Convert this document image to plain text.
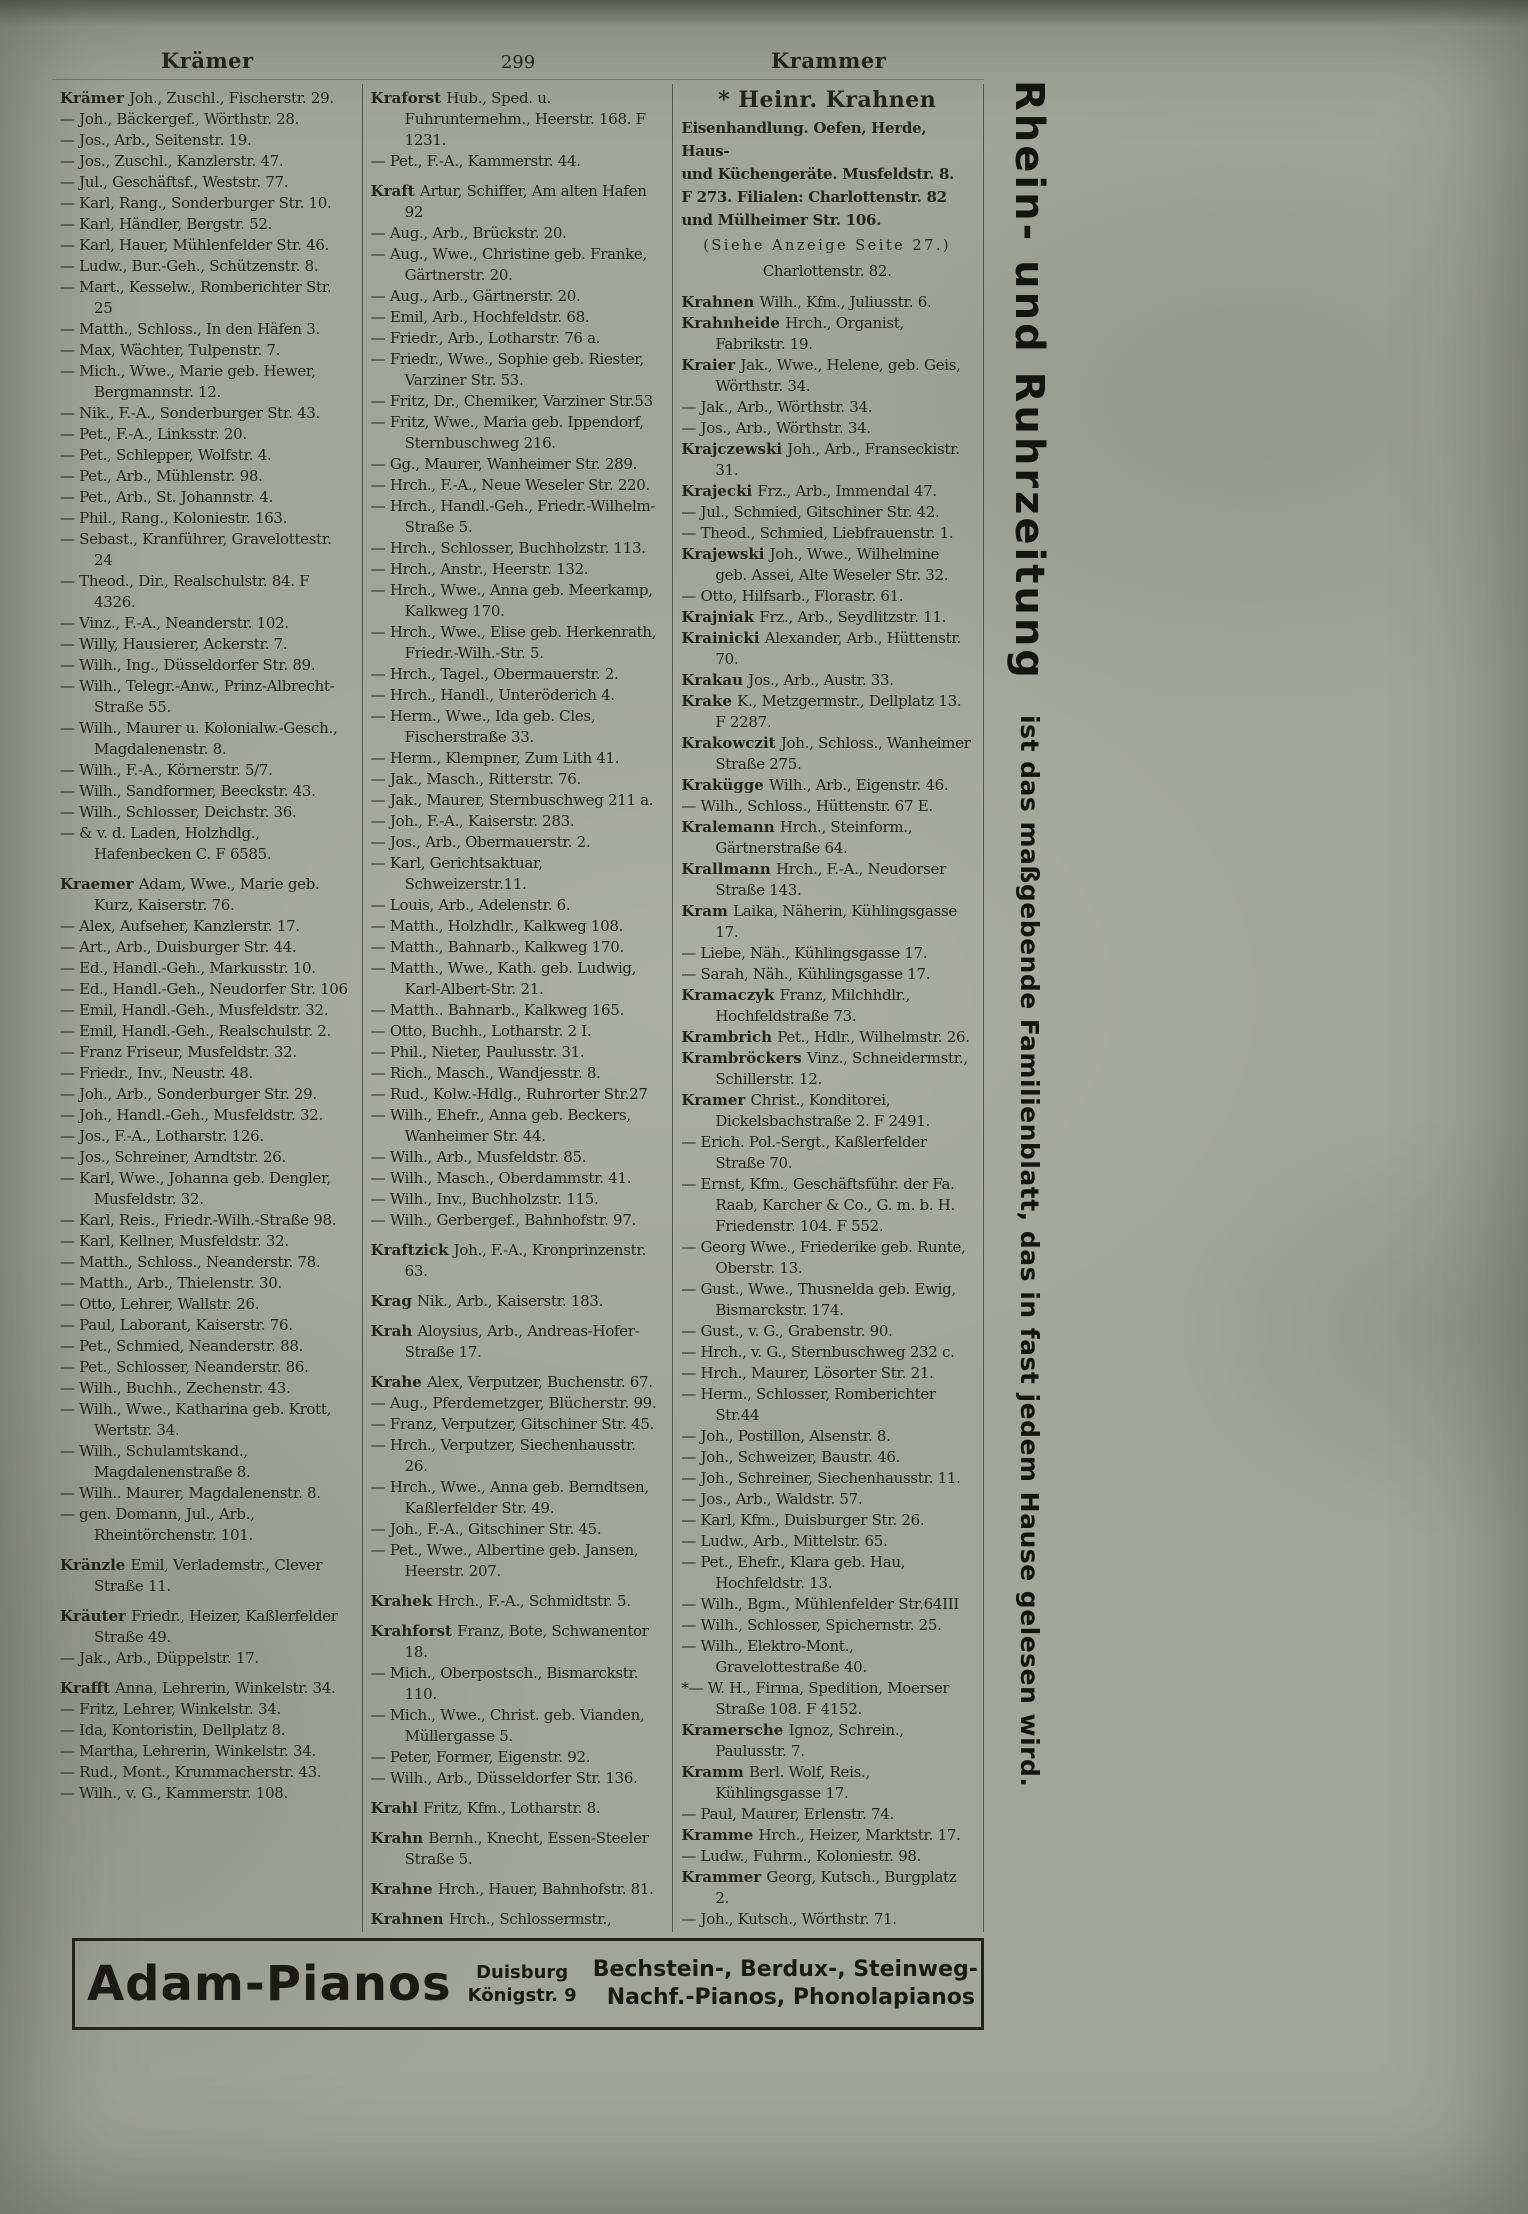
Krämer	299	Krammer

Krämer Joh., Zuschl., Fischerstr. 29.

— Joh., Bäckergef., Wörthstr. 28.

— Jos., Arb., Seitenstr. 19.

— Jos., Zuschl., Kanzlerstr. 47.

— Jul., Geschäftsf., Weststr. 77.

— Karl, Rang., Sonderburger Str. 10.

— Karl, Händler, Bergstr. 52.

— Karl, Hauer, Mühlenfelder Str. 46.

— Ludw., Bur.-Geh., Schützenstr. 8.

— Mart., Kesselw., Romberichter Str. 25

— Matth., Schloss., In den Häfen 3.

— Max, Wächter, Tulpenstr. 7.

— Mich., Wwe., Marie geb. Hewer, Bergmannstr. 12.

— Nik., F.-A., Sonderburger Str. 43.

— Pet., F.-A., Linksstr. 20.

— Pet., Schlepper, Wolfstr. 4.

— Pet., Arb., Mühlenstr. 98.

— Pet., Arb., St. Johannstr. 4.

— Phil., Rang., Koloniestr. 163.

— Sebast., Kranführer, Gravelottestr. 24

— Theod., Dir., Realschulstr. 84. F 4326.

— Vinz., F.-A., Neanderstr. 102.

— Willy, Hausierer, Ackerstr. 7.

— Wilh., Ing., Düsseldorfer Str. 89.

— Wilh., Telegr.-Anw., Prinz-Albrecht-Straße 55.

— Wilh., Maurer u. Kolonialw.-Gesch., Magdalenenstr. 8.

— Wilh., F.-A., Körnerstr. 5/7.

— Wilh., Sandformer, Beeckstr. 43.

— Wilh., Schlosser, Deichstr. 36.

— & v. d. Laden, Holzhdlg., Hafenbecken C. F 6585.

Kraemer Adam, Wwe., Marie geb. Kurz, Kaiserstr. 76.

— Alex, Aufseher, Kanzlerstr. 17.

— Art., Arb., Duisburger Str. 44.

— Ed., Handl.-Geh., Markusstr. 10.

— Ed., Handl.-Geh., Neudorfer Str. 106

— Emil, Handl.-Geh., Musfeldstr. 32.

— Emil, Handl.-Geh., Realschulstr. 2.

— Franz Friseur, Musfeldstr. 32.

— Friedr., Inv., Neustr. 48.

— Joh., Arb., Sonderburger Str. 29.

— Joh., Handl.-Geh., Musfeldstr. 32.

— Jos., F.-A., Lotharstr. 126.

— Jos., Schreiner, Arndtstr. 26.

— Karl, Wwe., Johanna geb. Dengler, Musfeldstr. 32.

— Karl, Reis., Friedr.-Wilh.-Straße 98.

— Karl, Kellner, Musfeldstr. 32.

— Matth., Schloss., Neanderstr. 78.

— Matth., Arb., Thielenstr. 30.

— Otto, Lehrer, Wallstr. 26.

— Paul, Laborant, Kaiserstr. 76.

— Pet., Schmied, Neanderstr. 88.

— Pet., Schlosser, Neanderstr. 86.

— Wilh., Buchh., Zechenstr. 43.

— Wilh., Wwe., Katharina geb. Krott, Wertstr. 34.

— Wilh., Schulamtskand., Magdalenenstraße 8.

— Wilh.. Maurer, Magdalenenstr. 8.

— gen. Domann, Jul., Arb., Rheintörchenstr. 101.

Kränzle Emil, Verlademstr., Clever Straße 11.

Kräuter Friedr., Heizer, Kaßlerfelder Straße 49.

— Jak., Arb., Düppelstr. 17.

Krafft Anna, Lehrerin, Winkelstr. 34.

— Fritz, Lehrer, Winkelstr. 34.

— Ida, Kontoristin, Dellplatz 8.

— Martha, Lehrerin, Winkelstr. 34.

— Rud., Mont., Krummacherstr. 43.

— Wilh., v. G., Kammerstr. 108.

Kraforst Hub., Sped. u. Fuhrunternehm., Heerstr. 168. F 1231.

— Pet., F.-A., Kammerstr. 44.

Kraft Artur, Schiffer, Am alten Hafen 92

— Aug., Arb., Brückstr. 20.

— Aug., Wwe., Christine geb. Franke, Gärtnerstr. 20.

— Aug., Arb., Gärtnerstr. 20.

— Emil, Arb., Hochfeldstr. 68.

— Friedr., Arb., Lotharstr. 76 a.

— Friedr., Wwe., Sophie geb. Riester, Varziner Str. 53.

— Fritz, Dr., Chemiker, Varziner Str.53

— Fritz, Wwe., Maria geb. Ippendorf, Sternbuschweg 216.

— Gg., Maurer, Wanheimer Str. 289.

— Hrch., F.-A., Neue Weseler Str. 220.

— Hrch., Handl.-Geh., Friedr.-Wilhelm-Straße 5.

— Hrch., Schlosser, Buchholzstr. 113.

— Hrch., Anstr., Heerstr. 132.

— Hrch., Wwe., Anna geb. Meerkamp, Kalkweg 170.

— Hrch., Wwe., Elise geb. Herkenrath, Friedr.-Wilh.-Str. 5.

— Hrch., Tagel., Obermauerstr. 2.

— Hrch., Handl., Unteröderich 4.

— Herm., Wwe., Ida geb. Cles, Fischerstraße 33.

— Herm., Klempner, Zum Lith 41.

— Jak., Masch., Ritterstr. 76.

— Jak., Maurer, Sternbuschweg 211 a.

— Joh., F.-A., Kaiserstr. 283.

— Jos., Arb., Obermauerstr. 2.

— Karl, Gerichtsaktuar, Schweizerstr.11.

— Louis, Arb., Adelenstr. 6.

— Matth., Holzhdlr., Kalkweg 108.

— Matth., Bahnarb., Kalkweg 170.

— Matth., Wwe., Kath. geb. Ludwig, Karl-Albert-Str. 21.

— Matth.. Bahnarb., Kalkweg 165.

— Otto, Buchh., Lotharstr. 2 I.

— Phil., Nieter, Paulusstr. 31.

— Rich., Masch., Wandjesstr. 8.

— Rud., Kolw.-Hdlg., Ruhrorter Str.27

— Wilh., Ehefr., Anna geb. Beckers, Wanheimer Str. 44.

— Wilh., Arb., Musfeldstr. 85.

— Wilh., Masch., Oberdammstr. 41.

— Wilh., Inv., Buchholzstr. 115.

— Wilh., Gerbergef., Bahnhofstr. 97.

Kraftzick Joh., F.-A., Kronprinzenstr. 63.

Krag Nik., Arb., Kaiserstr. 183.

Krah Aloysius, Arb., Andreas-Hofer-Straße 17.

Krahe Alex, Verputzer, Buchenstr. 67.

— Aug., Pferdemetzger, Blücherstr. 99.

— Franz, Verputzer, Gitschiner Str. 45.

— Hrch., Verputzer, Siechenhausstr. 26.

— Hrch., Wwe., Anna geb. Berndtsen, Kaßlerfelder Str. 49.

— Joh., F.-A., Gitschiner Str. 45.

— Pet., Wwe., Albertine geb. Jansen, Heerstr. 207.

Krahek Hrch., F.-A., Schmidtstr. 5.

Krahforst Franz, Bote, Schwanentor 18.

— Mich., Oberpostsch., Bismarckstr. 110.

— Mich., Wwe., Christ. geb. Vianden, Müllergasse 5.

— Peter, Former, Eigenstr. 92.

— Wilh., Arb., Düsseldorfer Str. 136.

Krahl Fritz, Kfm., Lotharstr. 8.

Krahn Bernh., Knecht, Essen-Steeler Straße 5.

Krahne Hrch., Hauer, Bahnhofstr. 81.

Krahnen Hrch., Schlossermstr.,

* Heinr. Krahnen
Eisenhandlung. Oefen, Herde, Haus-
und Küchengeräte. Musfeldstr. 8.
F 273. Filialen: Charlottenstr. 82
und Mülheimer Str. 106.
(Siehe Anzeige Seite 27.)
Charlottenstr. 82.

Krahnen Wilh., Kfm., Juliusstr. 6.

Krahnheide Hrch., Organist, Fabrikstr. 19.

Kraier Jak., Wwe., Helene, geb. Geis, Wörthstr. 34.

— Jak., Arb., Wörthstr. 34.

— Jos., Arb., Wörthstr. 34.

Krajczewski Joh., Arb., Franseckistr. 31.

Krajecki Frz., Arb., Immendal 47.

— Jul., Schmied, Gitschiner Str. 42.

— Theod., Schmied, Liebfrauenstr. 1.

Krajewski Joh., Wwe., Wilhelmine geb. Assei, Alte Weseler Str. 32.

— Otto, Hilfsarb., Florastr. 61.

Krajniak Frz., Arb., Seydlitzstr. 11.

Krainicki Alexander, Arb., Hüttenstr. 70.

Krakau Jos., Arb., Austr. 33.

Krake K., Metzgermstr., Dellplatz 13. F 2287.

Krakowczit Joh., Schloss., Wanheimer Straße 275.

Krakügge Wilh., Arb., Eigenstr. 46.

— Wilh., Schloss., Hüttenstr. 67 E.

Kralemann Hrch., Steinform., Gärtnerstraße 64.

Krallmann Hrch., F.-A., Neudorser Straße 143.

Kram Laika, Näherin, Kühlingsgasse 17.

— Liebe, Näh., Kühlingsgasse 17.

— Sarah, Näh., Kühlingsgasse 17.

Kramaczyk Franz, Milchhdlr., Hochfeldstraße 73.

Krambrich Pet., Hdlr., Wilhelmstr. 26.

Krambröckers Vinz., Schneidermstr., Schillerstr. 12.

Kramer Christ., Konditorei, Dickelsbachstraße 2. F 2491.

— Erich. Pol.-Sergt., Kaßlerfelder Straße 70.

— Ernst, Kfm., Geschäftsführ. der Fa. Raab, Karcher & Co., G. m. b. H. Friedenstr. 104. F 552.

— Georg Wwe., Friederike geb. Runte, Oberstr. 13.

— Gust., Wwe., Thusnelda geb. Ewig, Bismarckstr. 174.

— Gust., v. G., Grabenstr. 90.

— Hrch., v. G., Sternbuschweg 232 c.

— Hrch., Maurer, Lösorter Str. 21.

— Herm., Schlosser, Romberichter Str.44

— Joh., Postillon, Alsenstr. 8.

— Joh., Schweizer, Baustr. 46.

— Joh., Schreiner, Siechenhausstr. 11.

— Jos., Arb., Waldstr. 57.

— Karl, Kfm., Duisburger Str. 26.

— Ludw., Arb., Mittelstr. 65.

— Pet., Ehefr., Klara geb. Hau, Hochfeldstr. 13.

— Wilh., Bgm., Mühlenfelder Str.64III

— Wilh., Schlosser, Spichernstr. 25.

— Wilh., Elektro-Mont., Gravelottestraße 40.

*— W. H., Firma, Spedition, Moerser Straße 108. F 4152.

Kramersche Ignoz, Schrein., Paulusstr. 7.

Kramm Berl. Wolf, Reis., Kühlingsgasse 17.

— Paul, Maurer, Erlenstr. 74.

Kramme Hrch., Heizer, Marktstr. 17.

— Ludw., Fuhrm., Koloniestr. 98.

Krammer Georg, Kutsch., Burgplatz 2.

— Joh., Kutsch., Wörthstr. 71.

Rhein- und Ruhrzeitung ist das maßgebende Familienblatt, das in fast jedem Hause gelesen wird.
Adam-Pianos Duisburg
Königstr. 9
Bechstein-, Berdux-, Steinweg-
Nachf.-Pianos, Phonolapianos
